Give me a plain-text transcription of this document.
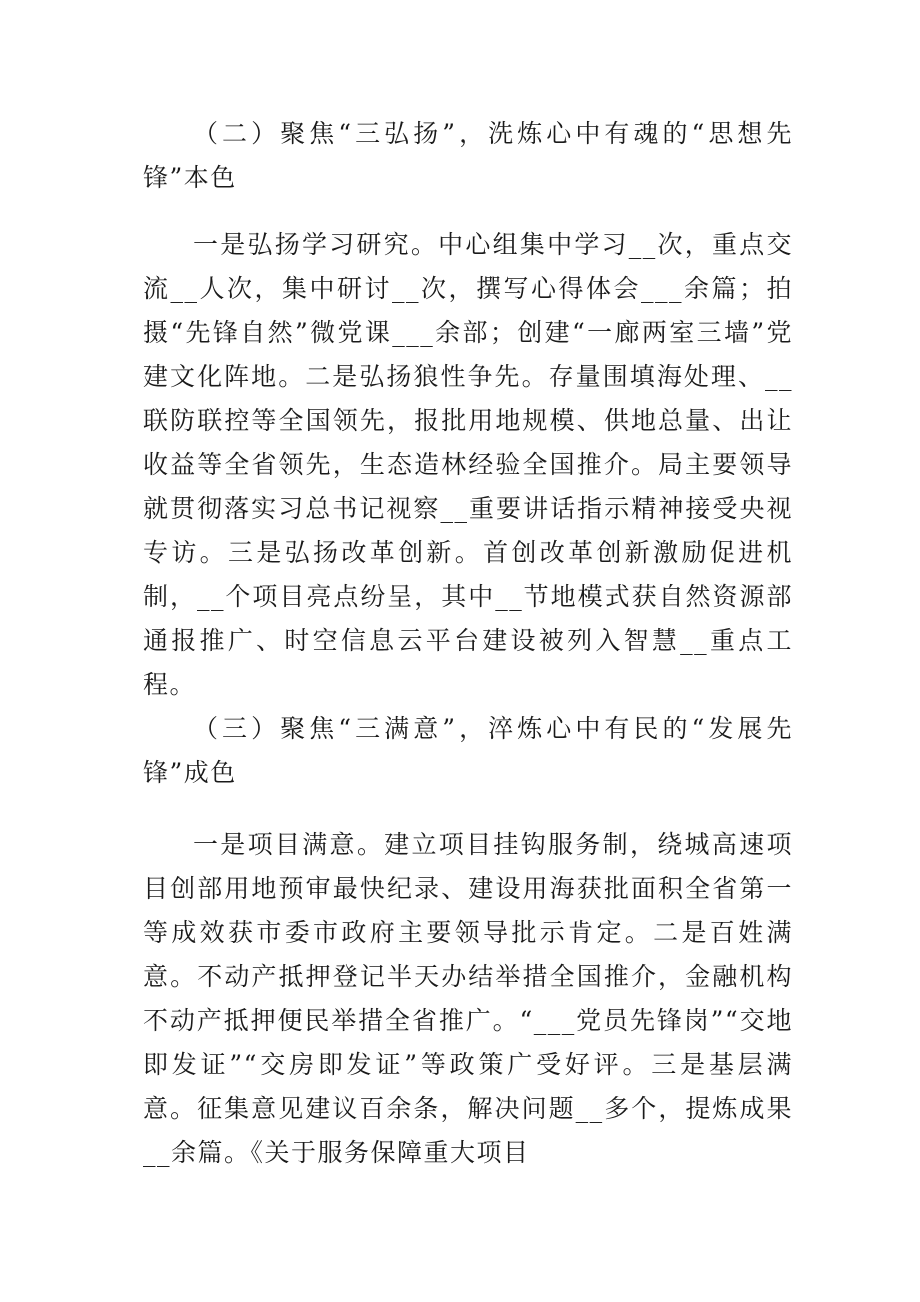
（二）聚焦“三弘扬”，洗炼心中有魂的“思想先锋”本色

一是弘扬学习研究。中心组集中学习__次，重点交流__人次，集中研讨__次，撰写心得体会___余篇；拍摄“先锋自然”微党课___余部；创建“一廊两室三墙”党建文化阵地。二是弘扬狼性争先。存量围填海处理、__联防联控等全国领先，报批用地规模、供地总量、出让收益等全省领先，生态造林经验全国推介。局主要领导就贯彻落实习总书记视察__重要讲话指示精神接受央视专访。三是弘扬改革创新。首创改革创新激励促进机制，__个项目亮点纷呈，其中__节地模式获自然资源部通报推广、时空信息云平台建设被列入智慧__重点工程。

（三）聚焦“三满意”，淬炼心中有民的“发展先锋”成色

一是项目满意。建立项目挂钩服务制，绕城高速项目创部用地预审最快纪录、建设用海获批面积全省第一等成效获市委市政府主要领导批示肯定。二是百姓满意。不动产抵押登记半天办结举措全国推介，金融机构不动产抵押便民举措全省推广。“___党员先锋岗”“交地即发证”“交房即发证”等政策广受好评。三是基层满意。征集意见建议百余条，解决问题__多个，提炼成果__余篇。《关于服务保障重大项目
